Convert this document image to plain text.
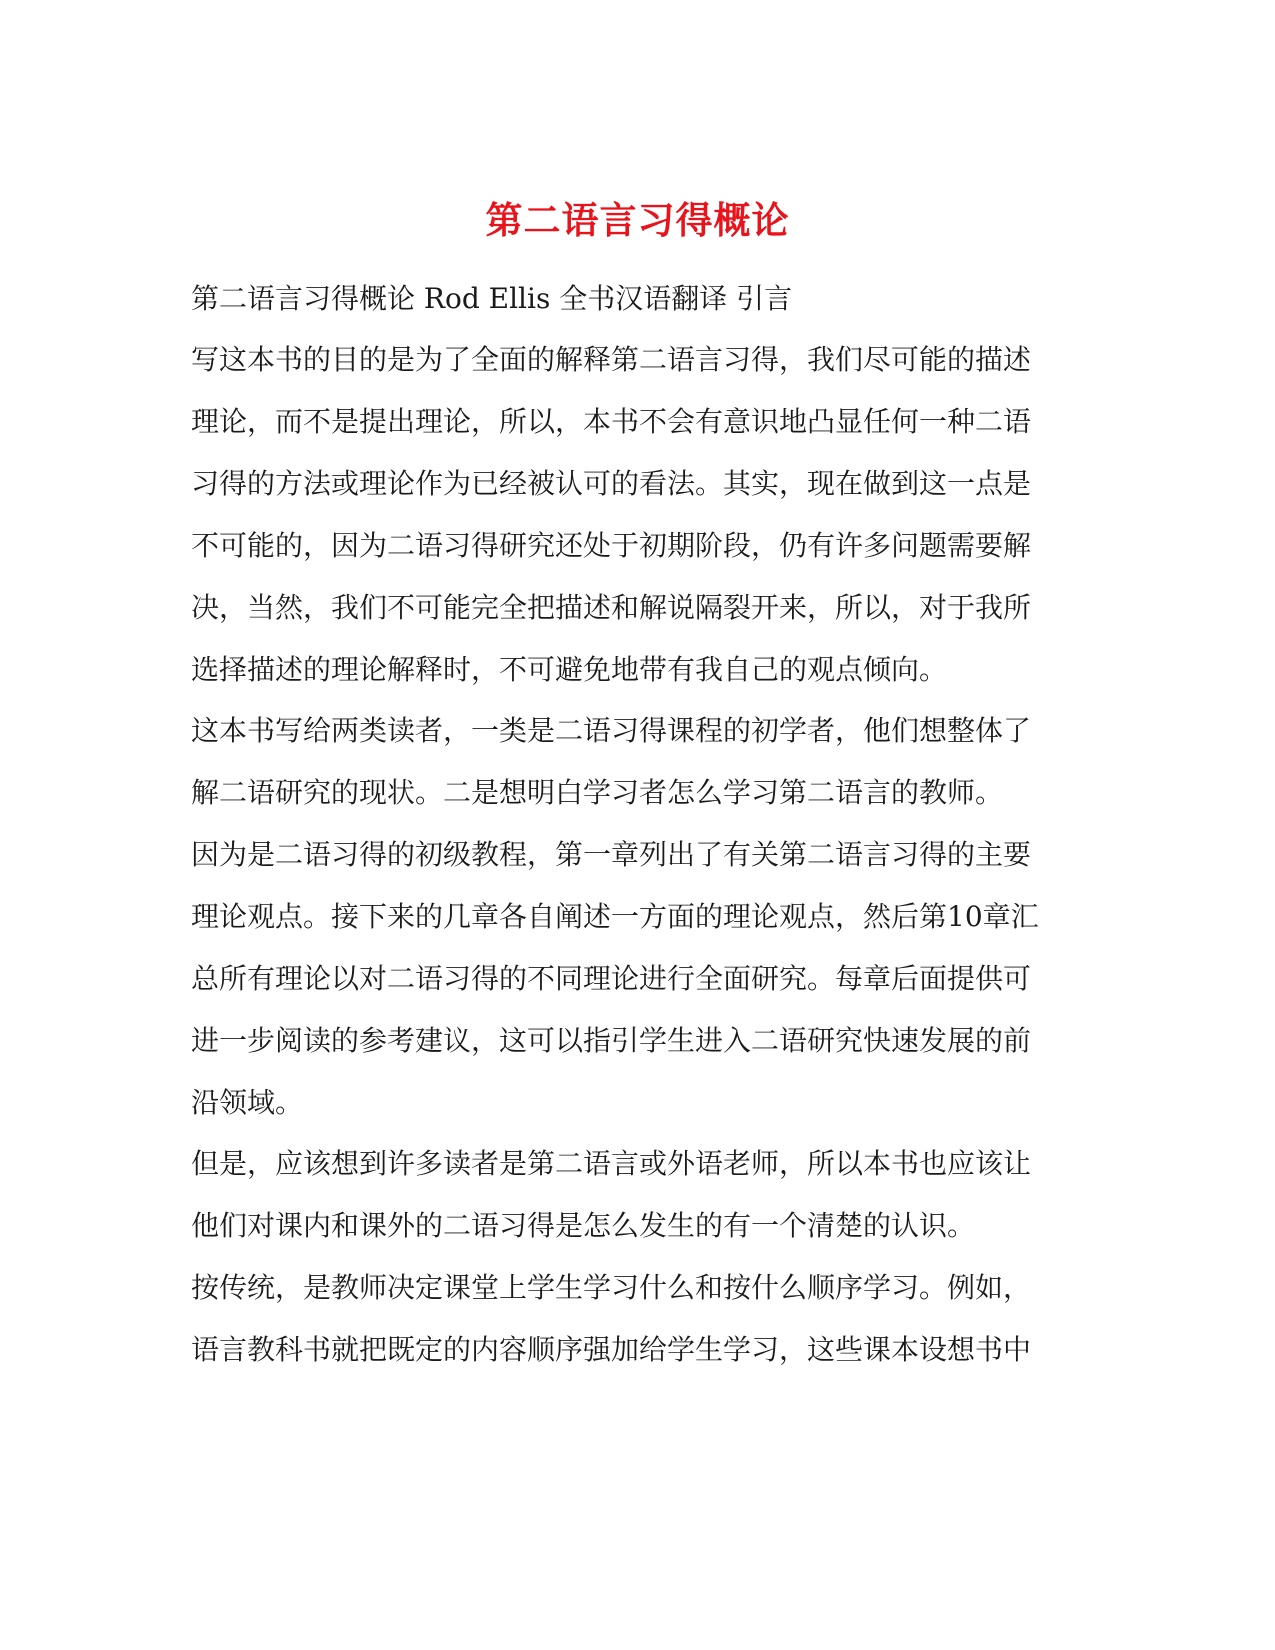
第二语言习得概论

第二语言习得概论 Rod Ellis 全书汉语翻译 引言

写这本书的目的是为了全面的解释第二语言习得，我们尽可能的描述

理论，而不是提出理论，所以，本书不会有意识地凸显任何一种二语

习得的方法或理论作为已经被认可的看法。其实，现在做到这一点是

不可能的，因为二语习得研究还处于初期阶段，仍有许多问题需要解

决，当然，我们不可能完全把描述和解说隔裂开来，所以，对于我所

选择描述的理论解释时，不可避免地带有我自己的观点倾向。

这本书写给两类读者，一类是二语习得课程的初学者，他们想整体了

解二语研究的现状。二是想明白学习者怎么学习第二语言的教师。

因为是二语习得的初级教程，第一章列出了有关第二语言习得的主要

理论观点。接下来的几章各自阐述一方面的理论观点，然后第10章汇

总所有理论以对二语习得的不同理论进行全面研究。每章后面提供可

进一步阅读的参考建议，这可以指引学生进入二语研究快速发展的前

沿领域。

但是，应该想到许多读者是第二语言或外语老师，所以本书也应该让

他们对课内和课外的二语习得是怎么发生的有一个清楚的认识。

按传统，是教师决定课堂上学生学习什么和按什么顺序学习。例如，

语言教科书就把既定的内容顺序强加给学生学习，这些课本设想书中
